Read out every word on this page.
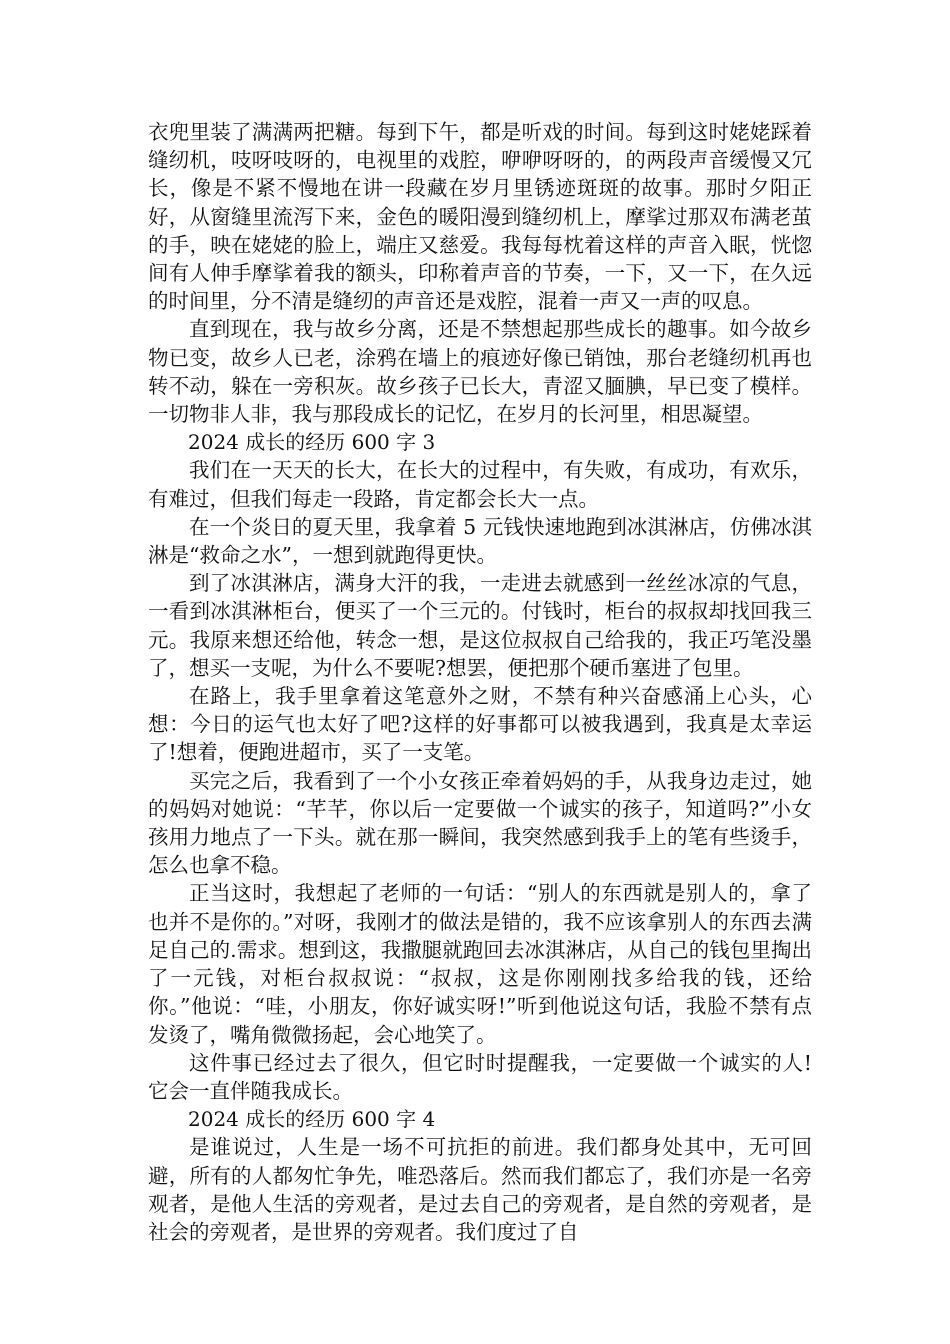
衣兜里装了满满两把糖。每到下午，都是听戏的时间。每到这时姥姥踩着缝纫机，吱呀吱呀的，电视里的戏腔，咿咿呀呀的，的两段声音缓慢又冗长，像是不紧不慢地在讲一段藏在岁月里锈迹斑斑的故事。那时夕阳正好，从窗缝里流泻下来，金色的暖阳漫到缝纫机上，摩挲过那双布满老茧的手，映在姥姥的脸上，端庄又慈爱。我每每枕着这样的声音入眠，恍惚间有人伸手摩挲着我的额头，印称着声音的节奏，一下，又一下，在久远的时间里，分不清是缝纫的声音还是戏腔，混着一声又一声的叹息。

直到现在，我与故乡分离，还是不禁想起那些成长的趣事。如今故乡物已变，故乡人已老，涂鸦在墙上的痕迹好像已销蚀，那台老缝纫机再也转不动，躲在一旁积灰。故乡孩子已长大，青涩又腼腆，早已变了模样。一切物非人非，我与那段成长的记忆，在岁月的长河里，相思凝望。

2024 成长的经历 600 字 3

我们在一天天的长大，在长大的过程中，有失败，有成功，有欢乐，有难过，但我们每走一段路，肯定都会长大一点。

在一个炎日的夏天里，我拿着 5 元钱快速地跑到冰淇淋店，仿佛冰淇淋是“救命之水”，一想到就跑得更快。

到了冰淇淋店，满身大汗的我，一走进去就感到一丝丝冰凉的气息，一看到冰淇淋柜台，便买了一个三元的。付钱时，柜台的叔叔却找回我三元。我原来想还给他，转念一想，是这位叔叔自己给我的，我正巧笔没墨了，想买一支呢，为什么不要呢?想罢，便把那个硬币塞进了包里。

在路上，我手里拿着这笔意外之财，不禁有种兴奋感涌上心头，心想：今日的运气也太好了吧?这样的好事都可以被我遇到，我真是太幸运了!想着，便跑进超市，买了一支笔。

买完之后，我看到了一个小女孩正牵着妈妈的手，从我身边走过，她的妈妈对她说：“芊芊，你以后一定要做一个诚实的孩子，知道吗?”小女孩用力地点了一下头。就在那一瞬间，我突然感到我手上的笔有些烫手，怎么也拿不稳。

正当这时，我想起了老师的一句话：“别人的东西就是别人的，拿了也并不是你的。”对呀，我刚才的做法是错的，我不应该拿别人的东西去满足自己的.需求。想到这，我撒腿就跑回去冰淇淋店，从自己的钱包里掏出了一元钱，对柜台叔叔说：“叔叔，这是你刚刚找多给我的钱，还给你。”他说：“哇，小朋友，你好诚实呀!”听到他说这句话，我脸不禁有点发烫了，嘴角微微扬起，会心地笑了。

这件事已经过去了很久，但它时时提醒我，一定要做一个诚实的人!它会一直伴随我成长。

2024 成长的经历 600 字 4

是谁说过，人生是一场不可抗拒的前进。我们都身处其中，无可回避，所有的人都匆忙争先，唯恐落后。然而我们都忘了，我们亦是一名旁观者，是他人生活的旁观者，是过去自己的旁观者，是自然的旁观者，是社会的旁观者，是世界的旁观者。我们度过了自
